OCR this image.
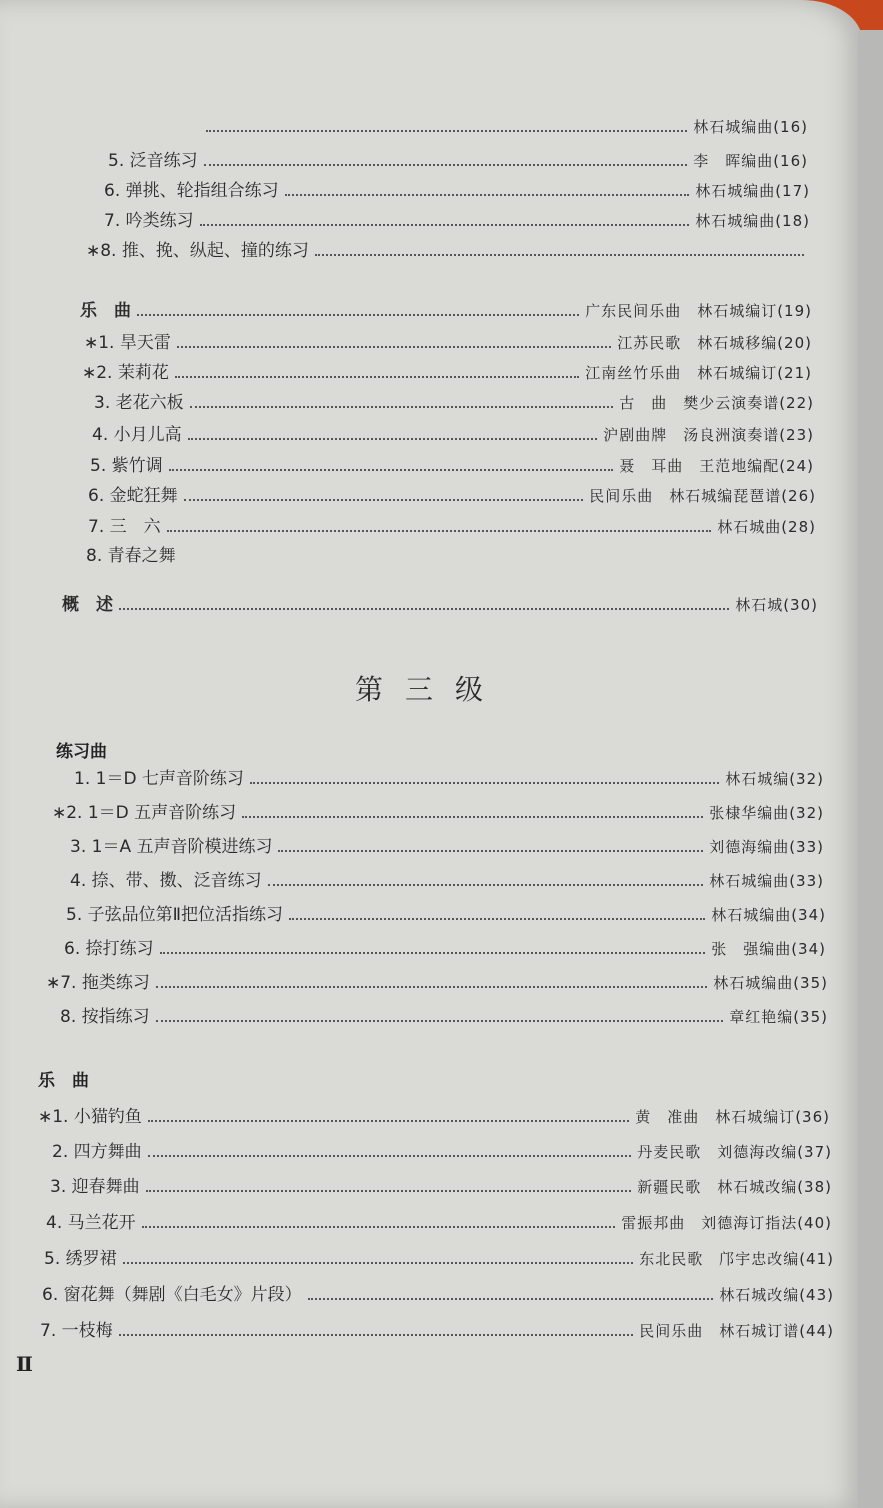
林石城编曲(16)
5. 泛音练习	李　晖编曲(16)
6. 弹挑、轮指组合练习	林石城编曲(17)
7. 吟类练习	林石城编曲(18)
∗8. 推、挽、纵起、撞的练习
乐　曲	广东民间乐曲　林石城编订(19)
∗1. 旱天雷	江苏民歌　林石城移编(20)
∗2. 茉莉花	江南丝竹乐曲　林石城编订(21)
3. 老花六板	古　曲　樊少云演奏谱(22)
4. 小月儿高	沪剧曲牌　汤良洲演奏谱(23)
5. 紫竹调	聂　耳曲　王范地编配(24)
6. 金蛇狂舞	民间乐曲　林石城编琵琶谱(26)
7. 三　六	林石城曲(28)
8. 青春之舞
概　述	林石城(30)
第三级
练习曲
1. 1＝D 七声音阶练习	林石城编(32)
∗2. 1＝D 五声音阶练习	张棣华编曲(32)
3. 1＝A 五声音阶模进练习	刘德海编曲(33)
4. 捺、带、擞、泛音练习	林石城编曲(33)
5. 子弦品位第Ⅱ把位活指练习	林石城编曲(34)
6. 捺打练习	张　强编曲(34)
∗7. 拖类练习	林石城编曲(35)
8. 按指练习	章红艳编(35)
乐　曲
∗1. 小猫钓鱼	黄　准曲　林石城编订(36)
2. 四方舞曲	丹麦民歌　刘德海改编(37)
3. 迎春舞曲	新疆民歌　林石城改编(38)
4. 马兰花开	雷振邦曲　刘德海订指法(40)
5. 绣罗裙	东北民歌　邝宇忠改编(41)
6. 窗花舞（舞剧《白毛女》片段）	林石城改编(43)
7. 一枝梅	民间乐曲　林石城订谱(44)
Ⅱ
